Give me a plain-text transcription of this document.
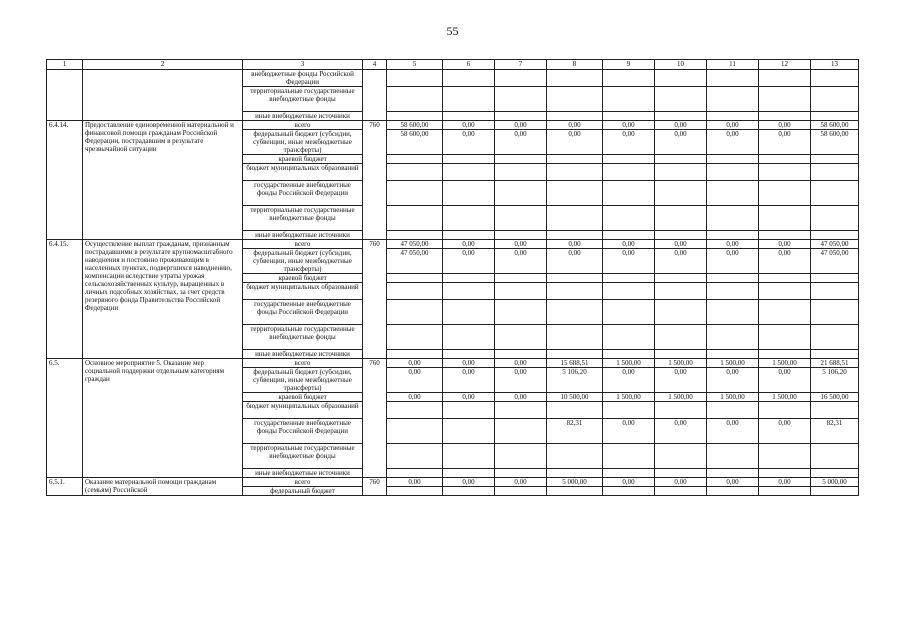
55
1	2	3	4	5	6	7	8	9	10	11	12	13
		внебюджетные фонды Российской Федерации										
		территориальные государственные внебюджетные фонды										
		иные внебюджетные источники										
6.4.14.	Предоставление единовременной материальной и финансовой помощи гражданам Российской Федерации, пострадавшим в результате чрезвычайной ситуации	всего	760	58 600,00	0,00	0,00	0,00	0,00	0,00	0,00	0,00	58 600,00
		федеральный бюджет (субсидии, субвенции, иные межбюджетные трансферты)		58 600,00	0,00	0,00	0,00	0,00	0,00	0,00	0,00	58 600,00
		краевой бюджет										
		бюджет муниципальных образований										
		государственные внебюджетные фонды Российской Федерации										
		территориальные государственные внебюджетные фонды										
		иные внебюджетные источники										
6.4.15.	Осуществление выплат гражданам, признанным пострадавшими в результате крупномасштабного наводнения и постоянно проживающим в населенных пунктах, подвергшихся наводнению, компенсации вследствие утраты урожая сельскохозяйственных культур, выращенных в личных подсобных хозяйствах, за счет средств резервного фонда Правительства Российской Федерации	всего	760	47 050,00	0,00	0,00	0,00	0,00	0,00	0,00	0,00	47 050,00
		федеральный бюджет (субсидии, субвенции, иные межбюджетные трансферты)		47 050,00	0,00	0,00	0,00	0,00	0,00	0,00	0,00	47 050,00
		краевой бюджет										
		бюджет муниципальных образований										
		государственные внебюджетные фонды Российской Федерации										
		территориальные государственные внебюджетные фонды										
		иные внебюджетные источники										
6.5.	Основное мероприятие 5. Оказание мер социальной поддержки отдельным категориям граждан	всего	760	0,00	0,00	0,00	15 688,51	1 500,00	1 500,00	1 500,00	1 500,00	21 688,51
		федеральный бюджет (субсидии, субвенции, иные межбюджетные трансферты)		0,00	0,00	0,00	5 106,20	0,00	0,00	0,00	0,00	5 106,20
		краевой бюджет		0,00	0,00	0,00	10 500,00	1 500,00	1 500,00	1 500,00	1 500,00	16 500,00
		бюджет муниципальных образований										
		государственные внебюджетные фонды Российской Федерации					82,31	0,00	0,00	0,00	0,00	82,31
		территориальные государственные внебюджетные фонды										
		иные внебюджетные источники										
6.5.1.	Оказание материальной помощи гражданам (семьям) Российской	всего	760	0,00	0,00	0,00	5 000,00	0,00	0,00	0,00	0,00	5 000,00
		федеральный бюджет										
